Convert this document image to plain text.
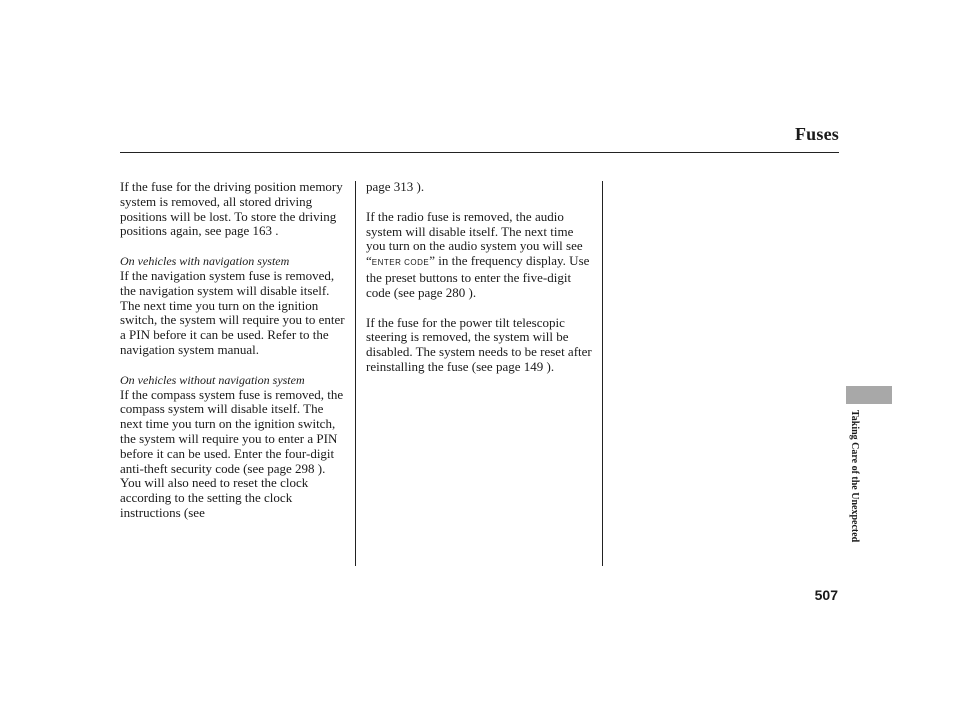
Fuses

If the fuse for the driving position memory system is removed, all stored driving positions will be lost. To store the driving positions again, see page 163 .

On vehicles with navigation system

If the navigation system fuse is removed, the navigation system will disable itself. The next time you turn on the ignition switch, the system will require you to enter a PIN before it can be used. Refer to the navigation system manual.

On vehicles without navigation system

If the compass system fuse is removed, the compass system will disable itself. The next time you turn on the ignition switch, the system will require you to enter a PIN before it can be used. Enter the four-digit anti-theft security code (see page 298 ). You will also need to reset the clock according to the setting the clock instructions (see

page 313 ).

If the radio fuse is removed, the audio system will disable itself. The next time you turn on the audio system you will see “ENTER CODE” in the frequency display. Use the preset buttons to enter the five-digit code (see page 280 ).

If the fuse for the power tilt telescopic steering is removed, the system will be disabled. The system needs to be reset after reinstalling the fuse (see page 149 ).

Taking Care of the Unexpected
507
